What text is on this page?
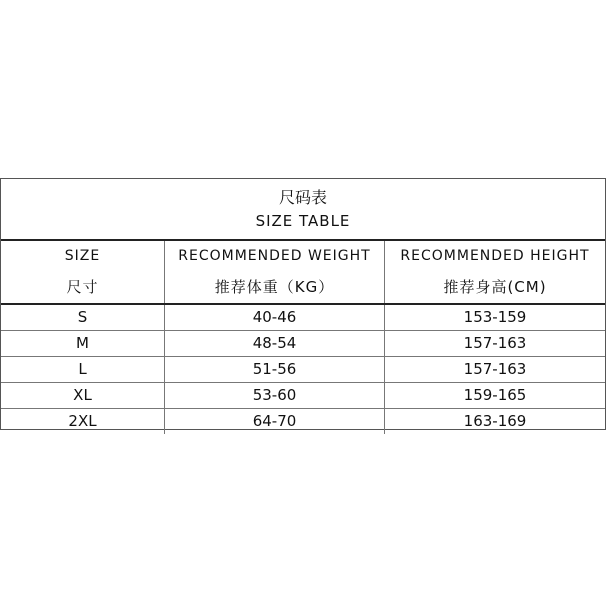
尺码表
SIZE TABLE
SIZE	RECOMMENDED WEIGHT	RECOMMENDED HEIGHT
尺寸	推荐体重（KG）	推荐身高(CM)
S	40-46	153-159
M	48-54	157-163
L	51-56	157-163
XL	53-60	159-165
2XL	64-70	163-169
